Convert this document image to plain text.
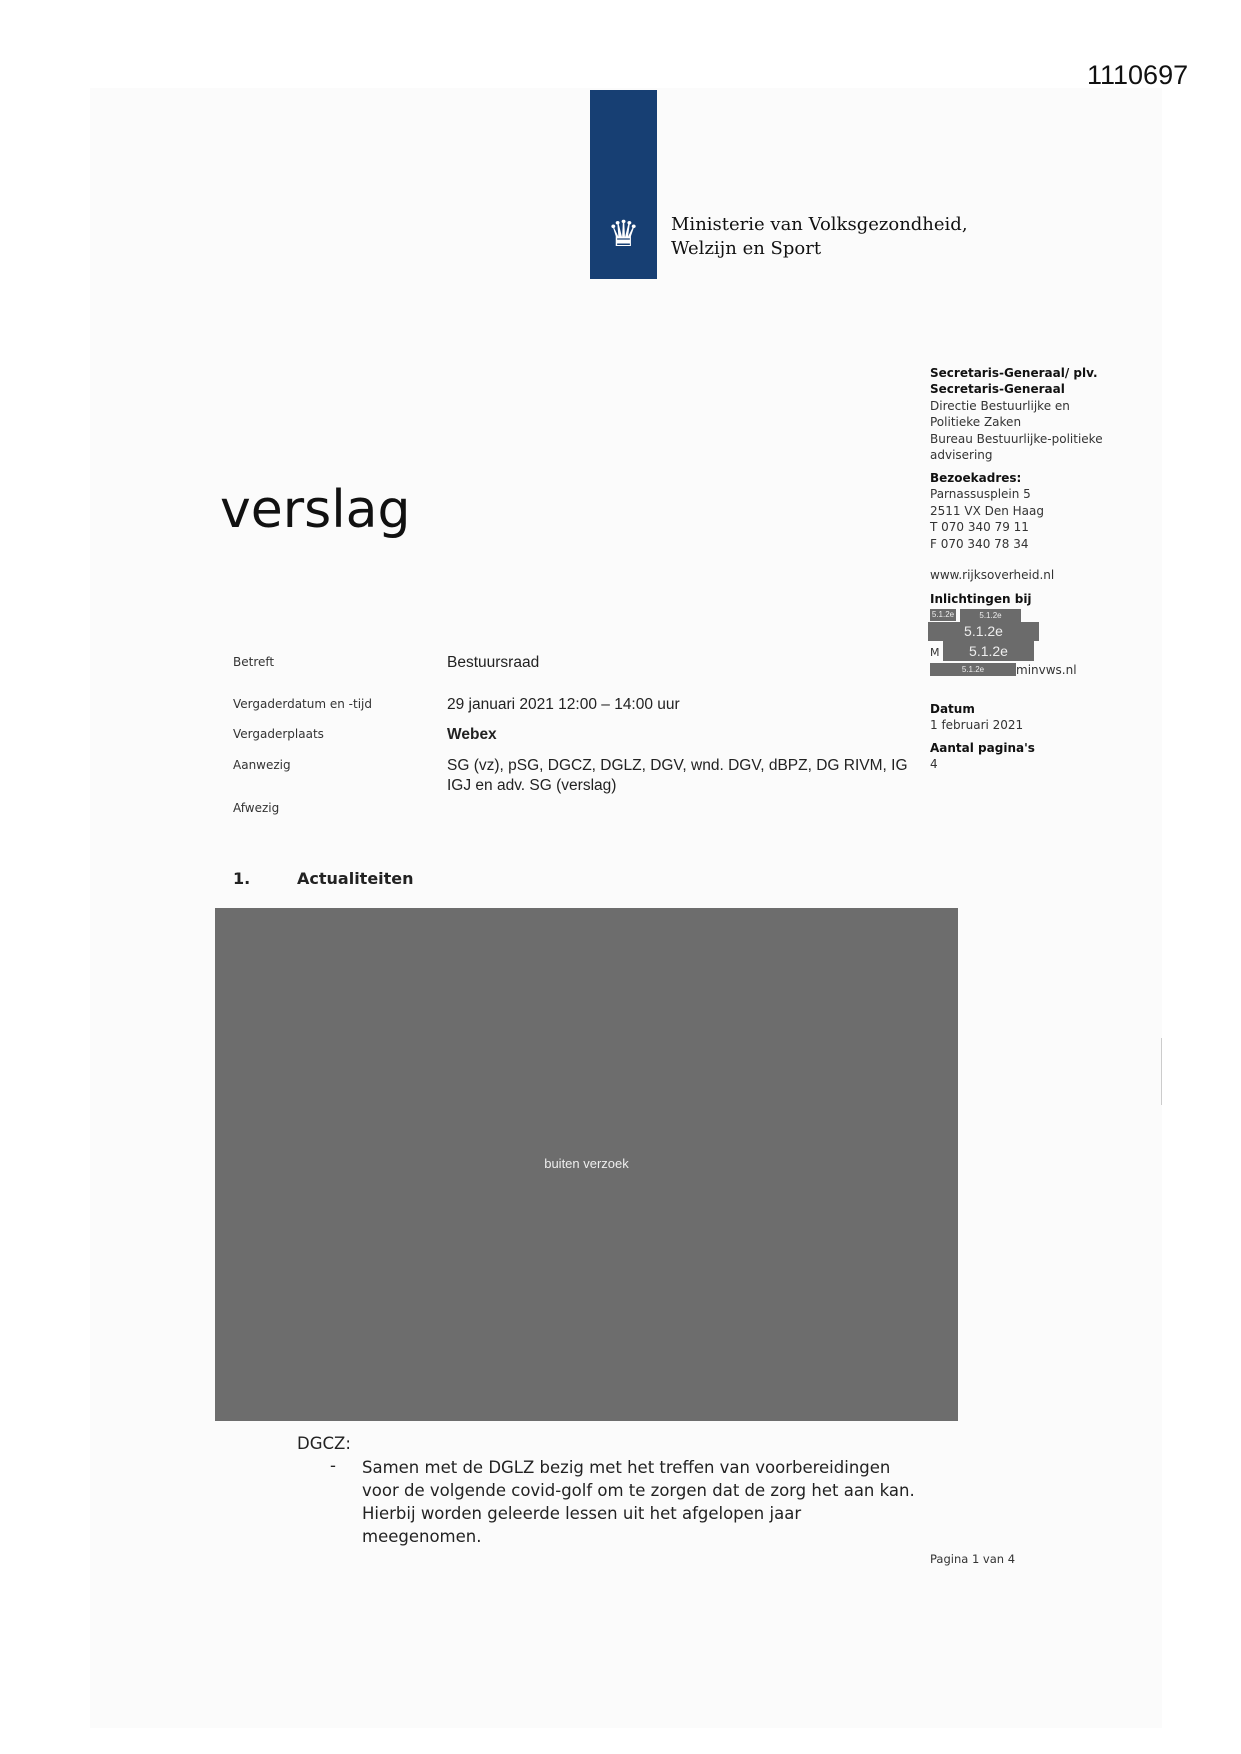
1110697
♛	Ministerie van Volksgezondheid,
Welzijn en Sport
Secretaris-Generaal/ plv.
Secretaris-Generaal
Directie Bestuurlijke en
Politieke Zaken
Bureau Bestuurlijke-politieke
advisering
Bezoekadres:
Parnassusplein 5
2511 VX Den Haag
T 070 340 79 11
F 070 340 78 34
www.rijksoverheid.nl
Inlichtingen bij
5.1.2e	5.1.2e
5.1.2e
M	5.1.2e
5.1.2e	minvws.nl
Datum
1 februari 2021
Aantal pagina's
4
verslag
Betreft	Bestuursraad
Vergaderdatum en -tijd	29 januari 2021 12:00 – 14:00 uur
Vergaderplaats	Webex
Aanwezig	SG (vz), pSG, DGCZ, DGLZ, DGV, wnd. DGV, dBPZ, DG RIVM, IG
IGJ en adv. SG (verslag)
Afwezig
1.	Actualiteiten
buiten verzoek
DGCZ:
- Samen met de DGLZ bezig met het treffen van voorbereidingen
voor de volgende covid-golf om te zorgen dat de zorg het aan kan.
Hierbij worden geleerde lessen uit het afgelopen jaar
meegenomen.
Pagina 1 van 4
